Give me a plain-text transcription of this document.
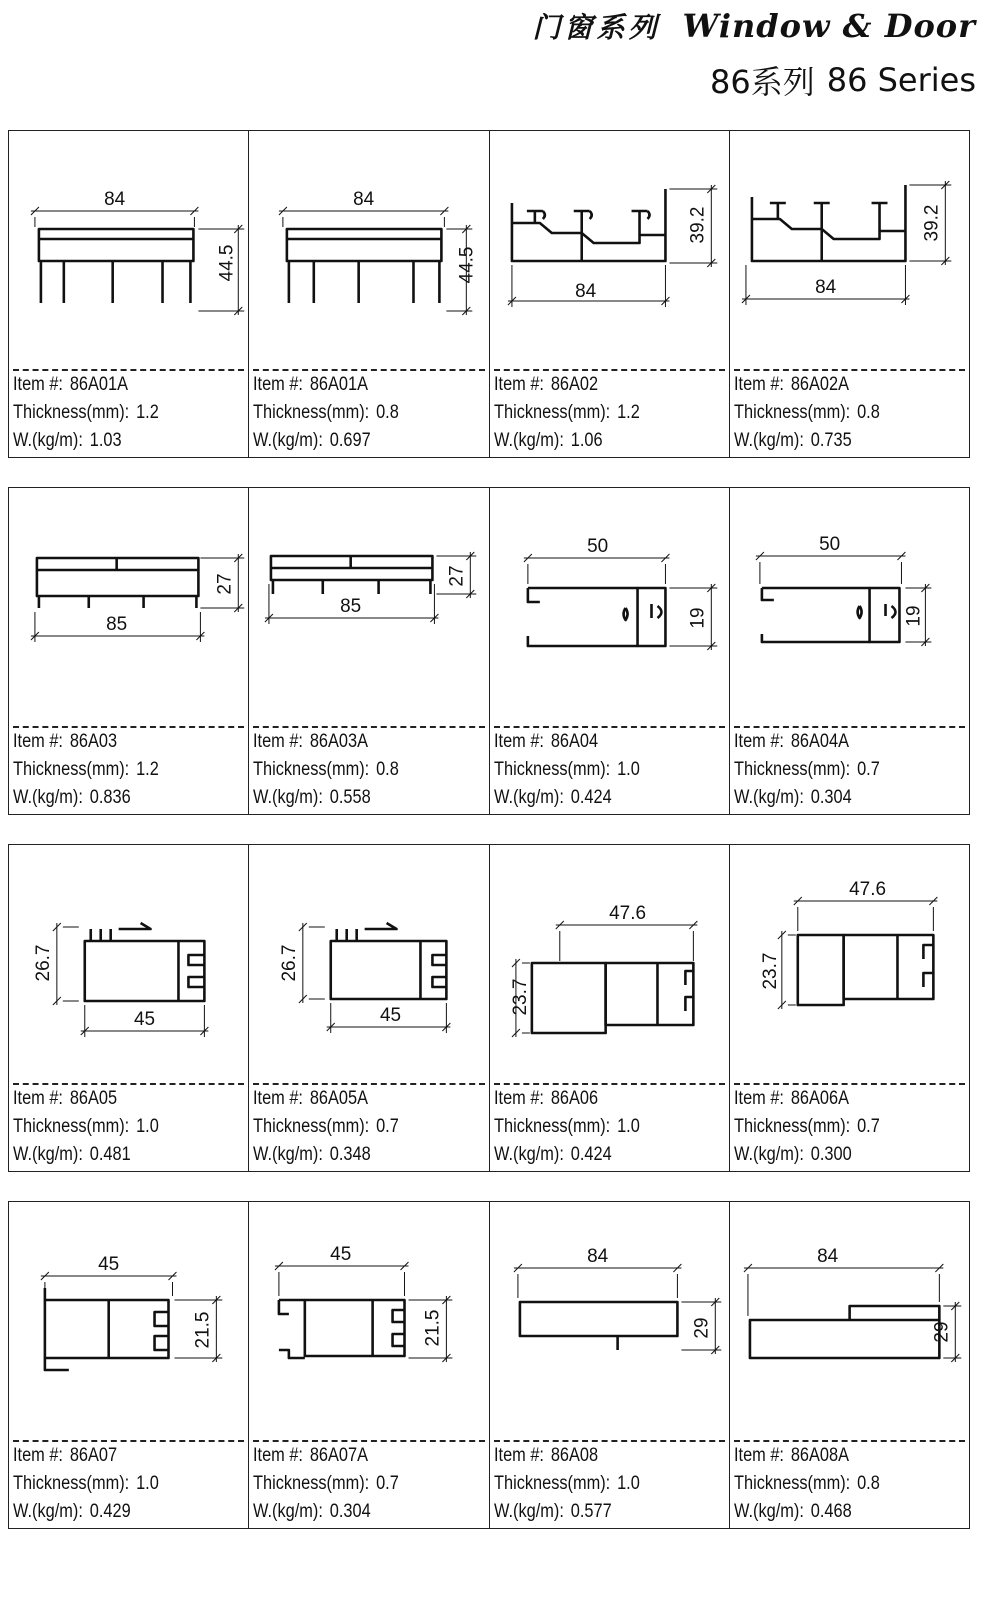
门窗系列 Window & Door
86系列 86 Series
84
44.5
Item #: 86A01A
Thickness(mm): 1.2
W.(kg/m): 1.03
84
44.5
Item #: 86A01A
Thickness(mm): 0.8
W.(kg/m): 0.697
84
39.2
Item #: 86A02
Thickness(mm): 1.2
W.(kg/m): 1.06
84
39.2
Item #: 86A02A
Thickness(mm): 0.8
W.(kg/m): 0.735
85
27
Item #: 86A03
Thickness(mm): 1.2
W.(kg/m): 0.836
85
27
Item #: 86A03A
Thickness(mm): 0.8
W.(kg/m): 0.558
50
19
Item #: 86A04
Thickness(mm): 1.0
W.(kg/m): 0.424
50
19
Item #: 86A04A
Thickness(mm): 0.7
W.(kg/m): 0.304
45
26.7
Item #: 86A05
Thickness(mm): 1.0
W.(kg/m): 0.481
45
26.7
Item #: 86A05A
Thickness(mm): 0.7
W.(kg/m): 0.348
47.6
23.7
Item #: 86A06
Thickness(mm): 1.0
W.(kg/m): 0.424
47.6
23.7
Item #: 86A06A
Thickness(mm): 0.7
W.(kg/m): 0.300
45
21.5
Item #: 86A07
Thickness(mm): 1.0
W.(kg/m): 0.429
45
21.5
Item #: 86A07A
Thickness(mm): 0.7
W.(kg/m): 0.304
84
29
Item #: 86A08
Thickness(mm): 1.0
W.(kg/m): 0.577
84
29
Item #: 86A08A
Thickness(mm): 0.8
W.(kg/m): 0.468
